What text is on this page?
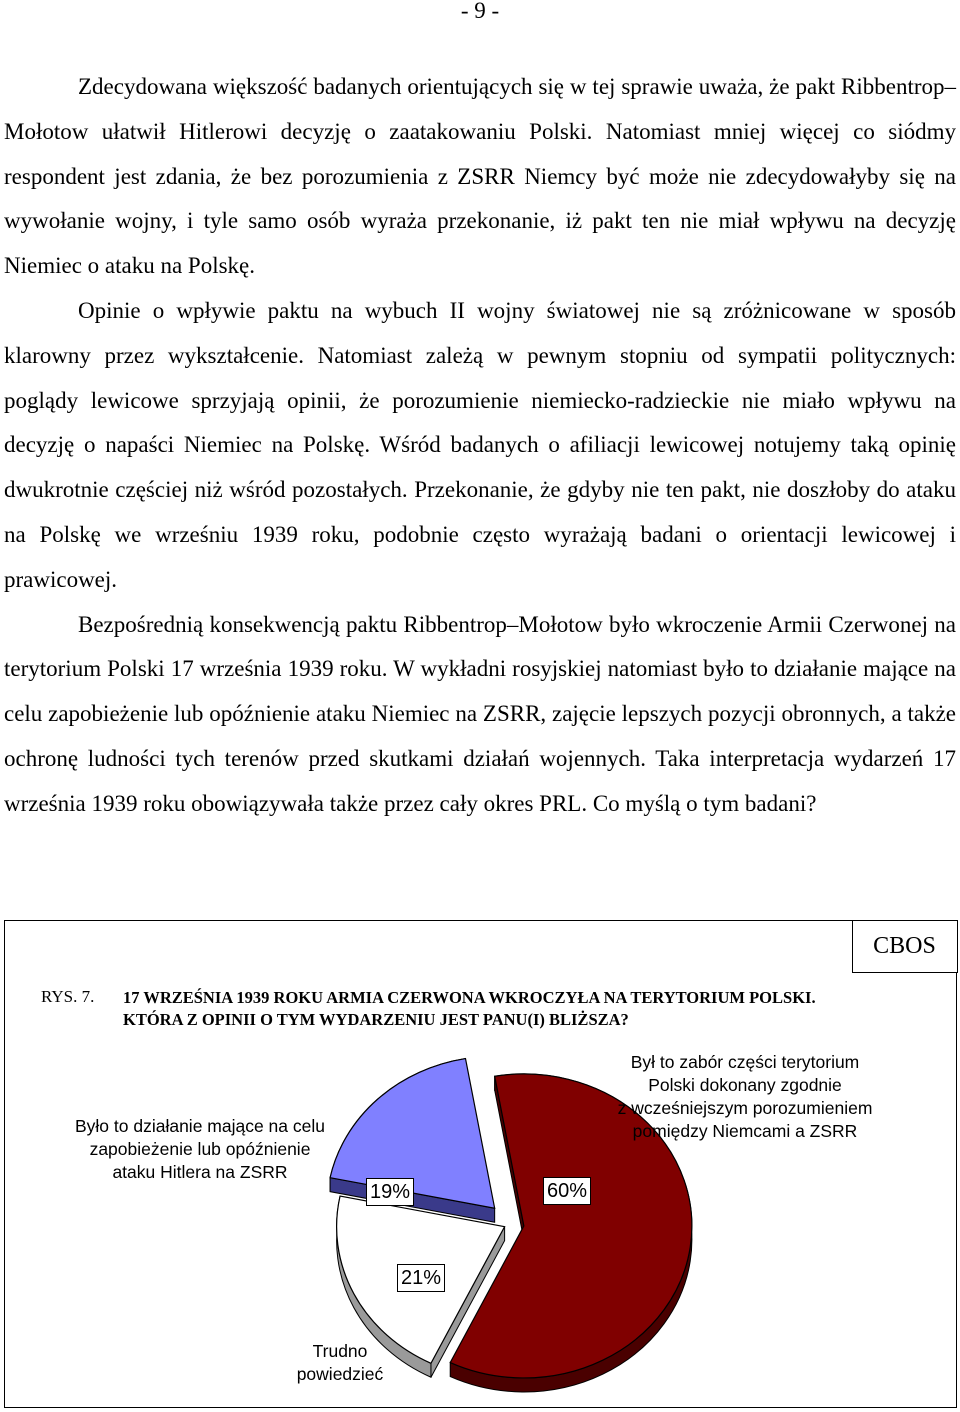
- 9 -

Zdecydowana większość badanych orientujących się w tej sprawie uważa, że pakt Ribbentrop–Mołotow ułatwił Hitlerowi decyzję o zaatakowaniu Polski. Natomiast mniej więcej co siódmy respondent jest zdania, że bez porozumienia z ZSRR Niemcy być może nie zdecydowałyby się na wywołanie wojny, i tyle samo osób wyraża przekonanie, iż pakt ten nie miał wpływu na decyzję Niemiec o ataku na Polskę.

Opinie o wpływie paktu na wybuch II wojny światowej nie są zróżnicowane w sposób klarowny przez wykształcenie. Natomiast zależą w pewnym stopniu od sympatii politycznych: poglądy lewicowe sprzyjają opinii, że porozumienie niemiecko-radzieckie nie miało wpływu na decyzję o napaści Niemiec na Polskę. Wśród badanych o afiliacji lewicowej notujemy taką opinię dwukrotnie częściej niż wśród pozostałych. Przekonanie, że gdyby nie ten pakt, nie doszłoby do ataku na Polskę we wrześniu 1939 roku, podobnie często wyrażają badani o orientacji lewicowej i prawicowej.

Bezpośrednią konsekwencją paktu Ribbentrop–Mołotow było wkroczenie Armii Czerwonej na terytorium Polski 17 września 1939 roku. W wykładni rosyjskiej natomiast było to działanie mające na celu zapobieżenie lub opóźnienie ataku Niemiec na ZSRR, zajęcie lepszych pozycji obronnych, a także ochronę ludności tych terenów przed skutkami działań wojennych. Taka interpretacja wydarzeń 17 września 1939 roku obowiązywała także przez cały okres PRL. Co myślą o tym badani?

CBOS
RYS. 7. 17 WRZEŚNIA 1939 ROKU ARMIA CZERWONA WKROCZYŁA NA TERYTORIUM POLSKI. KTÓRA Z OPINII O TYM WYDARZENIU JEST PANU(I) BLIŻSZA?
Był to zabór części terytorium
Polski dokonany zgodnie
z wcześniejszym porozumieniem
pomiędzy Niemcami a ZSRR
Było to działanie mające na celu
zapobieżenie lub opóźnienie
ataku Hitlera na ZSRR
Trudno
powiedzieć
60%
19%
21%
